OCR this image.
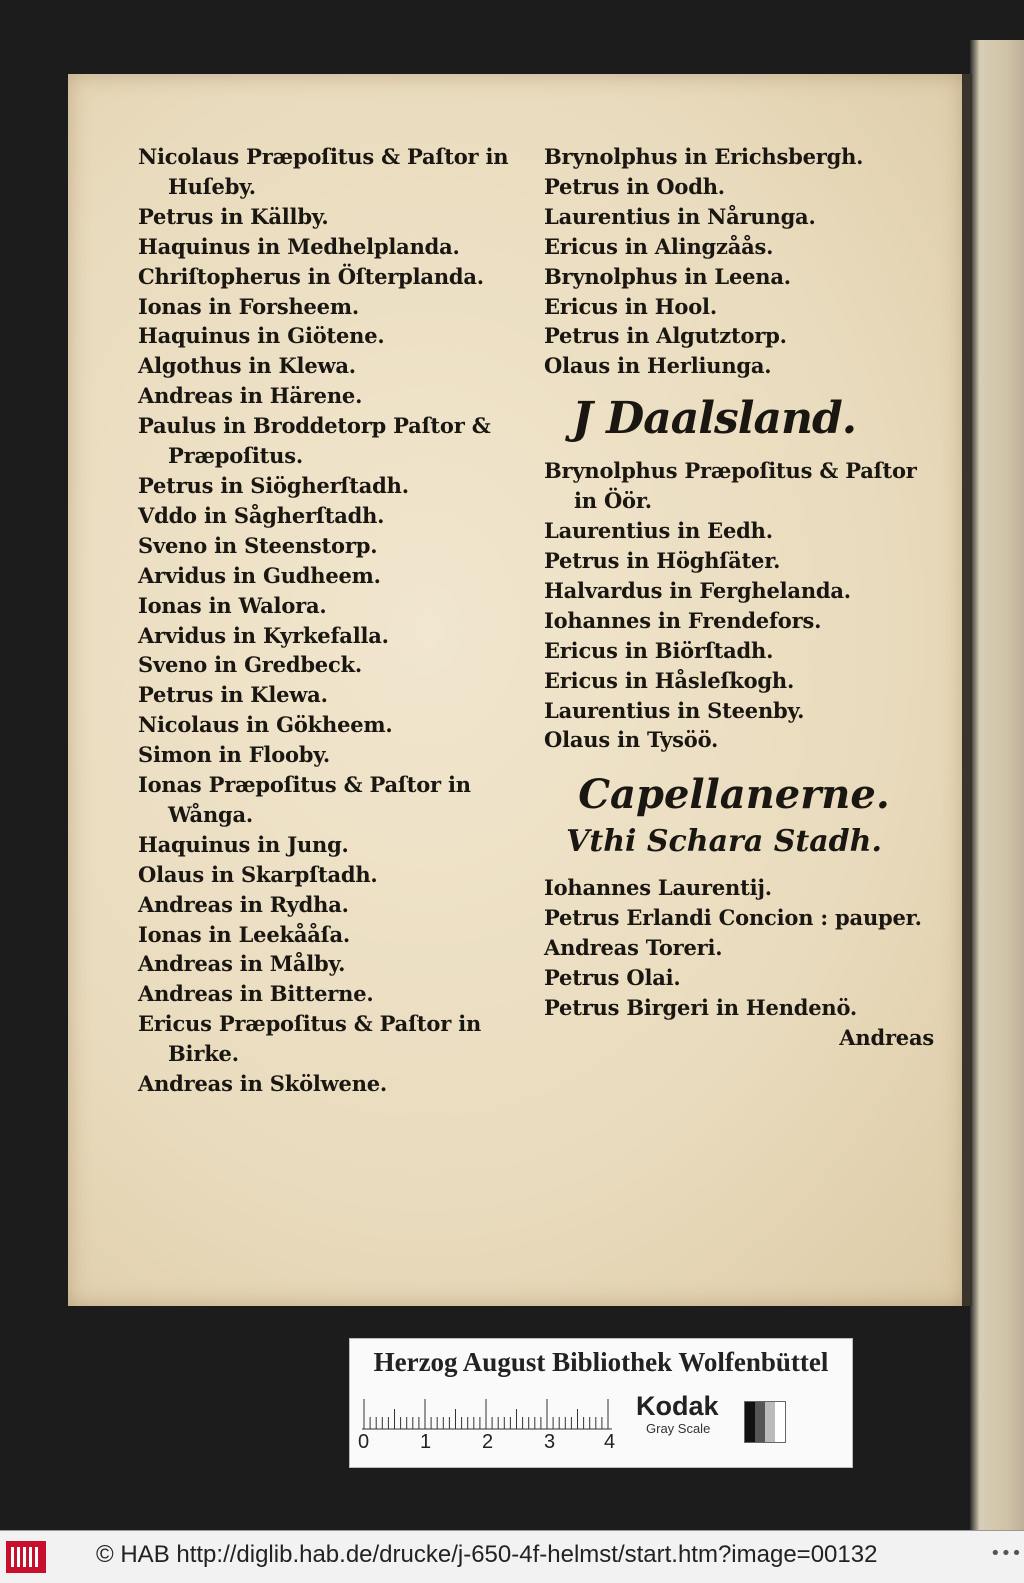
Nicolaus Præpoſitus & Paſtor in
Huſeby.
Petrus in Källby.
Haquinus in Medhelplanda.
Chriſtopherus in Öſterplanda.
Ionas in Forsheem.
Haquinus in Giötene.
Algothus in Klewa.
Andreas in Härene.
Paulus in Broddetorp Paſtor &
Præpoſitus.
Petrus in Siögherſtadh.
Vddo in Sågherſtadh.
Sveno in Steenstorp.
Arvidus in Gudheem.
Ionas in Walora.
Arvidus in Kyrkefalla.
Sveno in Gredbeck.
Petrus in Klewa.
Nicolaus in Gökheem.
Simon in Flooby.
Ionas Præpoſitus & Paſtor in
Wånga.
Haquinus in Jung.
Olaus in Skarpſtadh.
Andreas in Rydha.
Ionas in Leekååſa.
Andreas in Målby.
Andreas in Bitterne.
Ericus Præpoſitus & Paſtor in
Birke.
Andreas in Skölwene.
Brynolphus in Erichsbergh.
Petrus in Oodh.
Laurentius in Nårunga.
Ericus in Alingzåås.
Brynolphus in Leena.
Ericus in Hool.
Petrus in Algutztorp.
Olaus in Herliunga.
J Daalsland.
Brynolphus Præpoſitus & Paſtor
in Öör.
Laurentius in Eedh.
Petrus in Höghſäter.
Halvardus in Ferghelanda.
Iohannes in Frendefors.
Ericus in Biörſtadh.
Ericus in Håsleſkogh.
Laurentius in Steenby.
Olaus in Tysöö.
Capellanerne.
Vthi Schara Stadh.
Iohannes Laurentij.
Petrus Erlandi Concion : pauper.
Andreas Toreri.
Petrus Olai.
Petrus Birgeri in Hendenö.
Andreas
Herzog August Bibliothek Wolfenbüttel
0	1	2	3 4
Kodak
Gray Scale
© HAB http://diglib.hab.de/drucke/j-650-4f-helmst/start.htm?image=00132	•••
